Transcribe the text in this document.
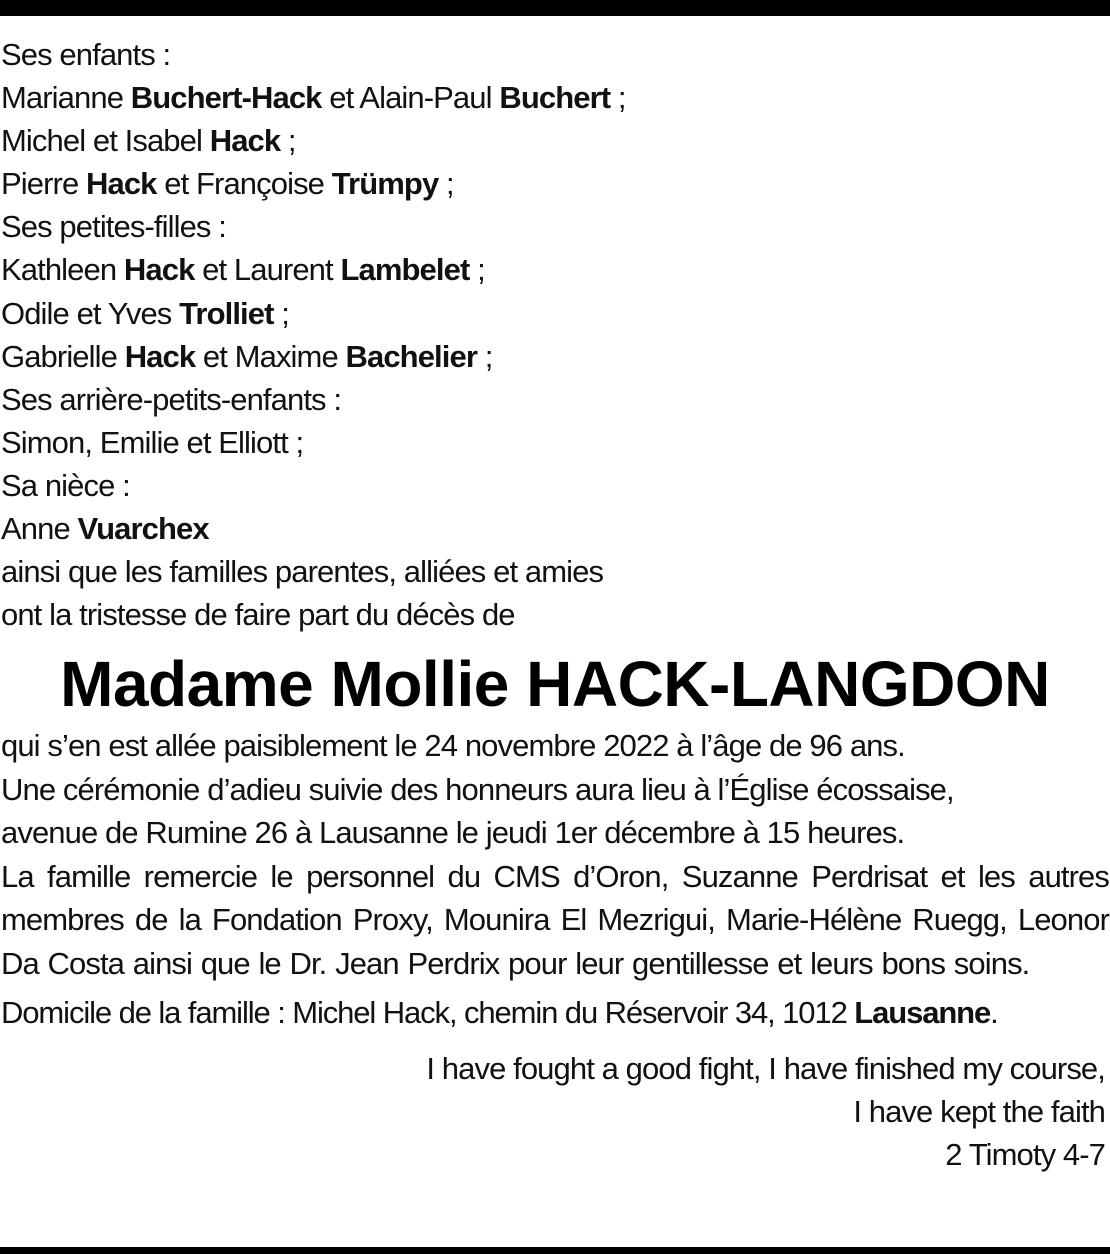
Ses enfants :
Marianne Buchert-Hack et Alain-Paul Buchert ;
Michel et Isabel Hack ;
Pierre Hack et Françoise Trümpy ;
Ses petites-filles :
Kathleen Hack et Laurent Lambelet ;
Odile et Yves Trolliet ;
Gabrielle Hack et Maxime Bachelier ;
Ses arrière-petits-enfants :
Simon, Emilie et Elliott ;
Sa nièce :
Anne Vuarchex
ainsi que les familles parentes, alliées et amies
ont la tristesse de faire part du décès de
Madame Mollie HACK-LANGDON
qui s’en est allée paisiblement le 24 novembre 2022 à l’âge de 96 ans.
Une cérémonie d’adieu suivie des honneurs aura lieu à l’Église écossaise,
avenue de Rumine 26 à Lausanne le jeudi 1er décembre à 15 heures.
La famille remercie le personnel du CMS d’Oron, Suzanne Perdrisat et les autres membres de la Fondation Proxy, Mounira El Mezrigui, Marie-Hélène Ruegg, Leonor Da Costa ainsi que le Dr. Jean Perdrix pour leur gentillesse et leurs bons soins.
Domicile de la famille : Michel Hack, chemin du Réservoir 34, 1012 Lausanne.
I have fought a good fight, I have finished my course,
I have kept the faith
2 Timoty 4-7
